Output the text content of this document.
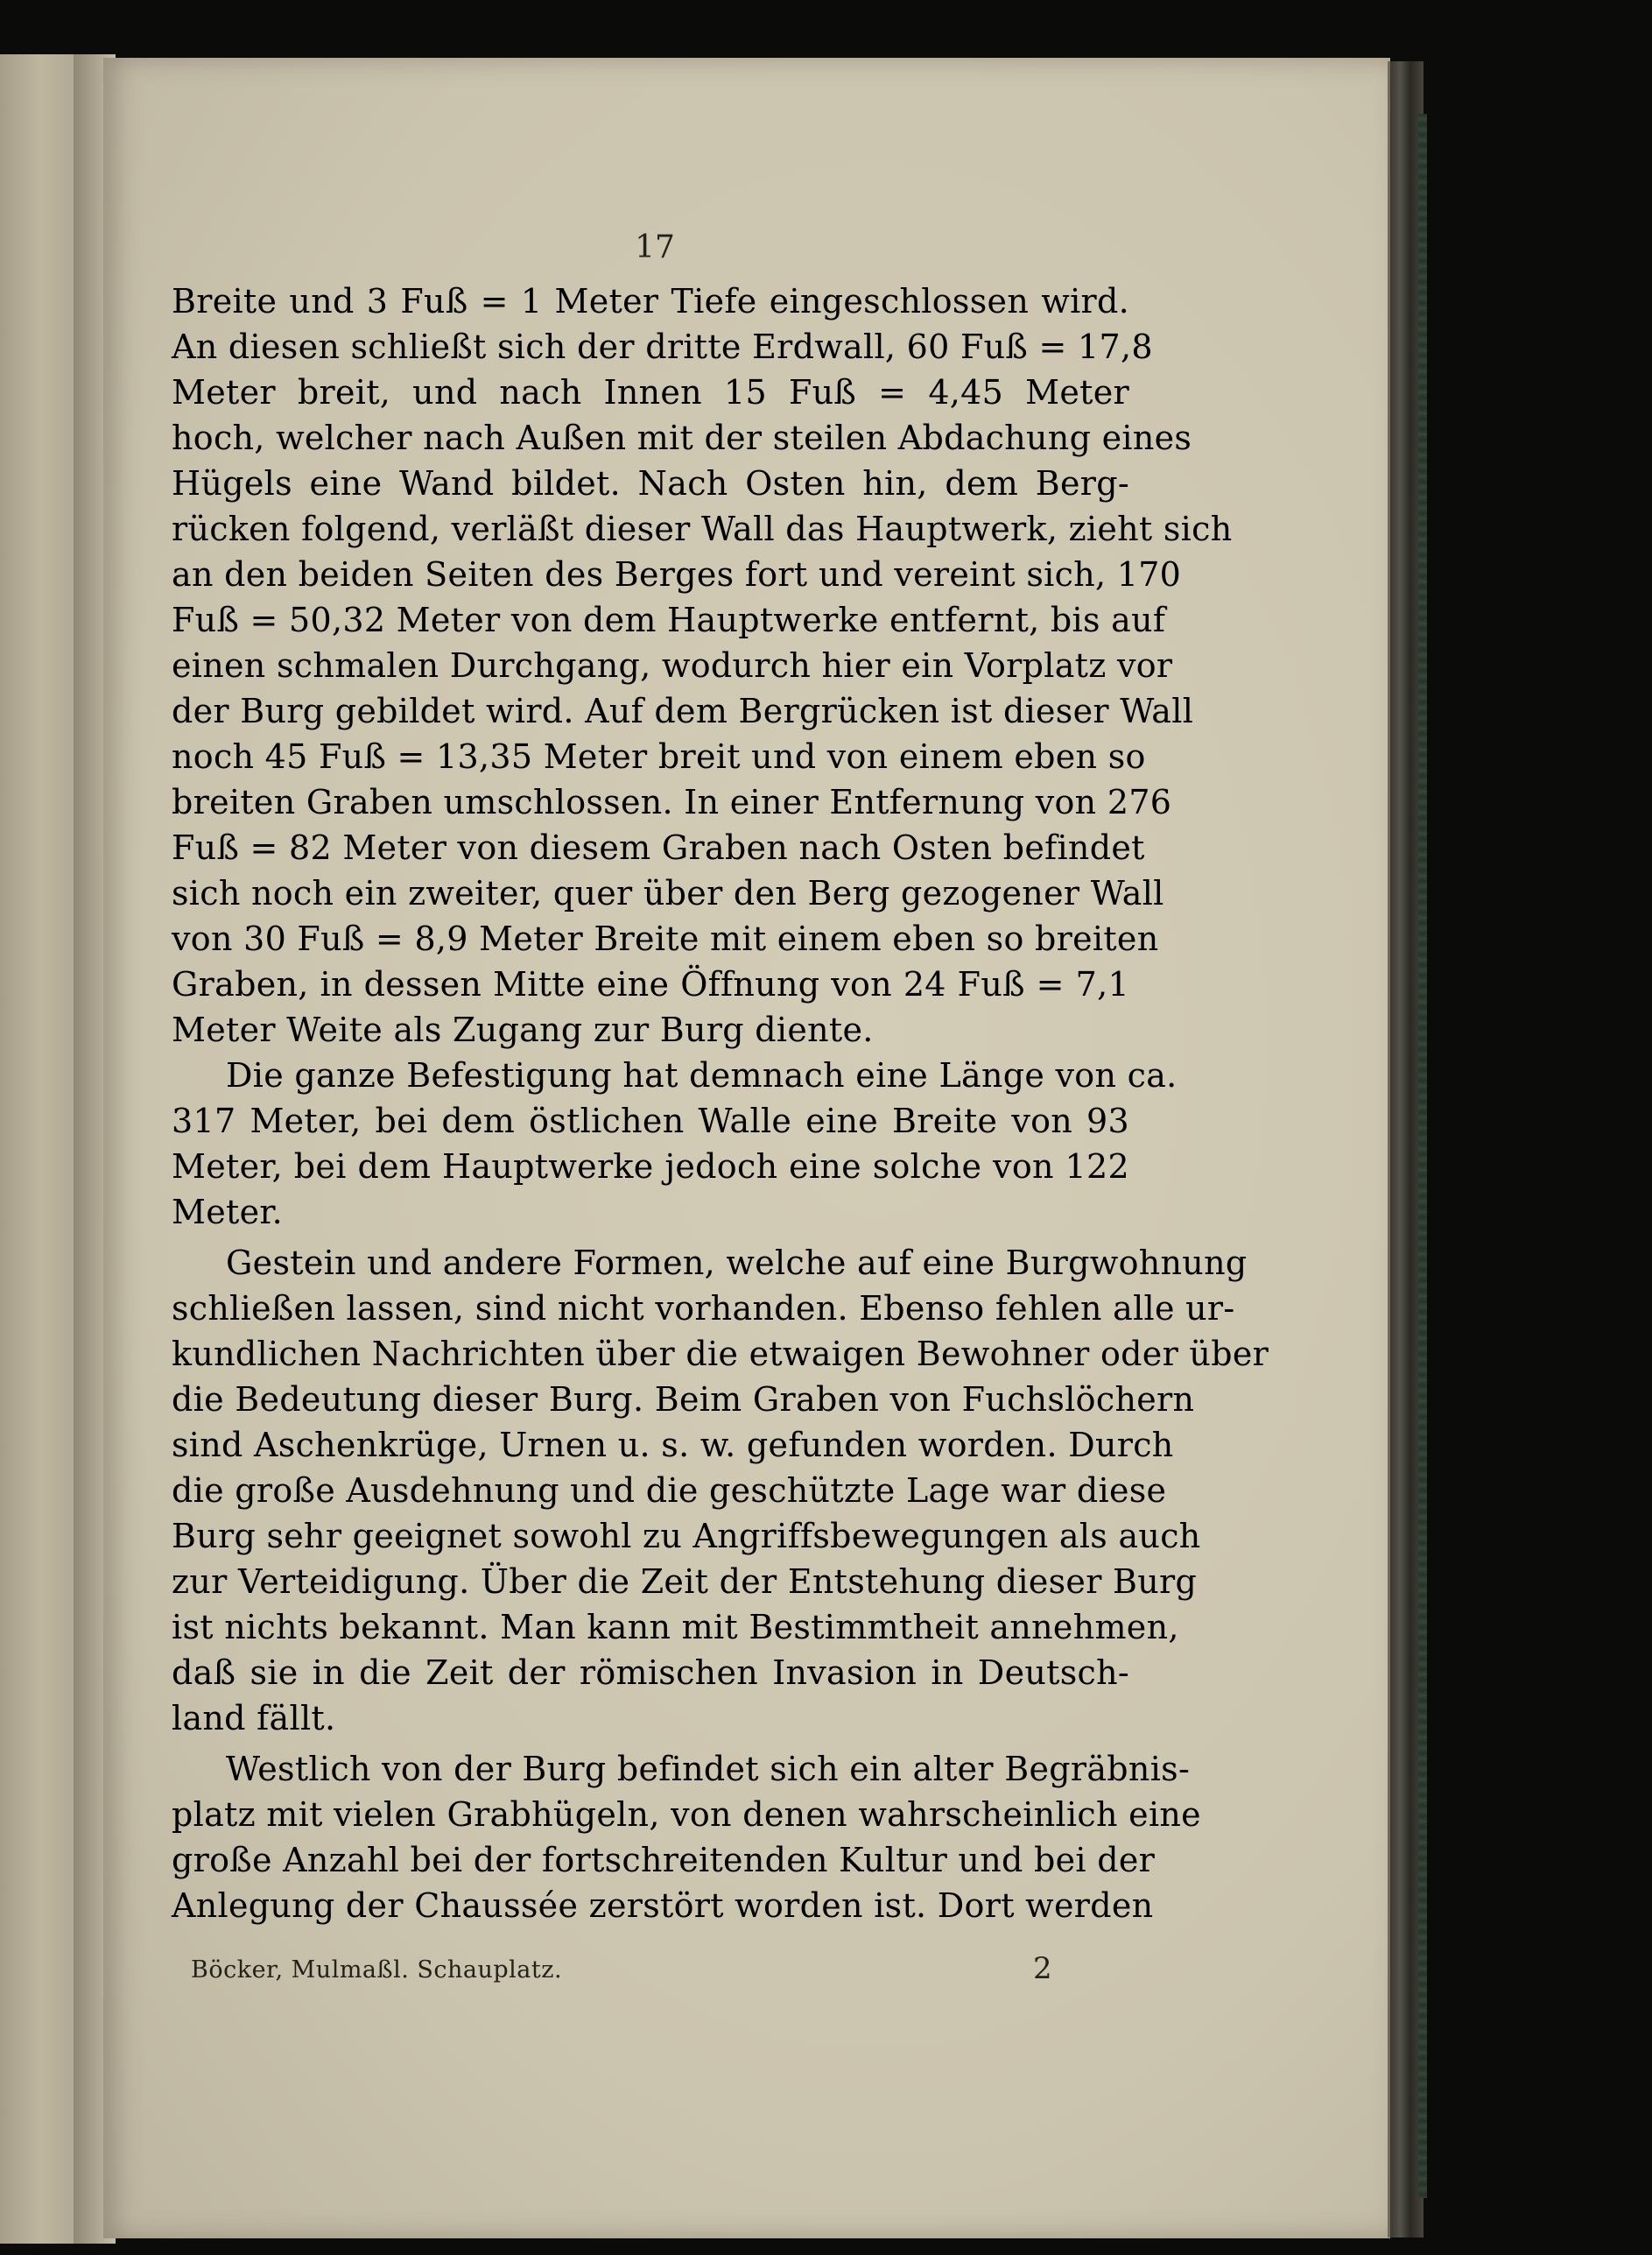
17
Breite und 3 Fuß = 1 Meter Tiefe eingeschlossen wird.
An diesen schließt sich der dritte Erdwall, 60 Fuß = 17,8
Meter breit, und nach Innen 15 Fuß = 4,45 Meter
hoch, welcher nach Außen mit der steilen Abdachung eines
Hügels eine Wand bildet. Nach Osten hin, dem Berg-
rücken folgend, verläßt dieser Wall das Hauptwerk, zieht sich
an den beiden Seiten des Berges fort und vereint sich, 170
Fuß = 50,32 Meter von dem Hauptwerke entfernt, bis auf
einen schmalen Durchgang, wodurch hier ein Vorplatz vor
der Burg gebildet wird. Auf dem Bergrücken ist dieser Wall
noch 45 Fuß = 13,35 Meter breit und von einem eben so
breiten Graben umschlossen. In einer Entfernung von 276
Fuß = 82 Meter von diesem Graben nach Osten befindet
sich noch ein zweiter, quer über den Berg gezogener Wall
von 30 Fuß = 8,9 Meter Breite mit einem eben so breiten
Graben, in dessen Mitte eine Öffnung von 24 Fuß = 7,1
Meter Weite als Zugang zur Burg diente.
Die ganze Befestigung hat demnach eine Länge von ca.
317 Meter, bei dem östlichen Walle eine Breite von 93
Meter, bei dem Hauptwerke jedoch eine solche von 122
Meter.
Gestein und andere Formen, welche auf eine Burgwohnung
schließen lassen, sind nicht vorhanden. Ebenso fehlen alle ur-
kundlichen Nachrichten über die etwaigen Bewohner oder über
die Bedeutung dieser Burg. Beim Graben von Fuchslöchern
sind Aschenkrüge, Urnen u. s. w. gefunden worden. Durch
die große Ausdehnung und die geschützte Lage war diese
Burg sehr geeignet sowohl zu Angriffsbewegungen als auch
zur Verteidigung. Über die Zeit der Entstehung dieser Burg
ist nichts bekannt. Man kann mit Bestimmtheit annehmen,
daß sie in die Zeit der römischen Invasion in Deutsch-
land fällt.
Westlich von der Burg befindet sich ein alter Begräbnis-
platz mit vielen Grabhügeln, von denen wahrscheinlich eine
große Anzahl bei der fortschreitenden Kultur und bei der
Anlegung der Chaussée zerstört worden ist. Dort werden
Böcker, Mulmaßl. Schauplatz.	2
